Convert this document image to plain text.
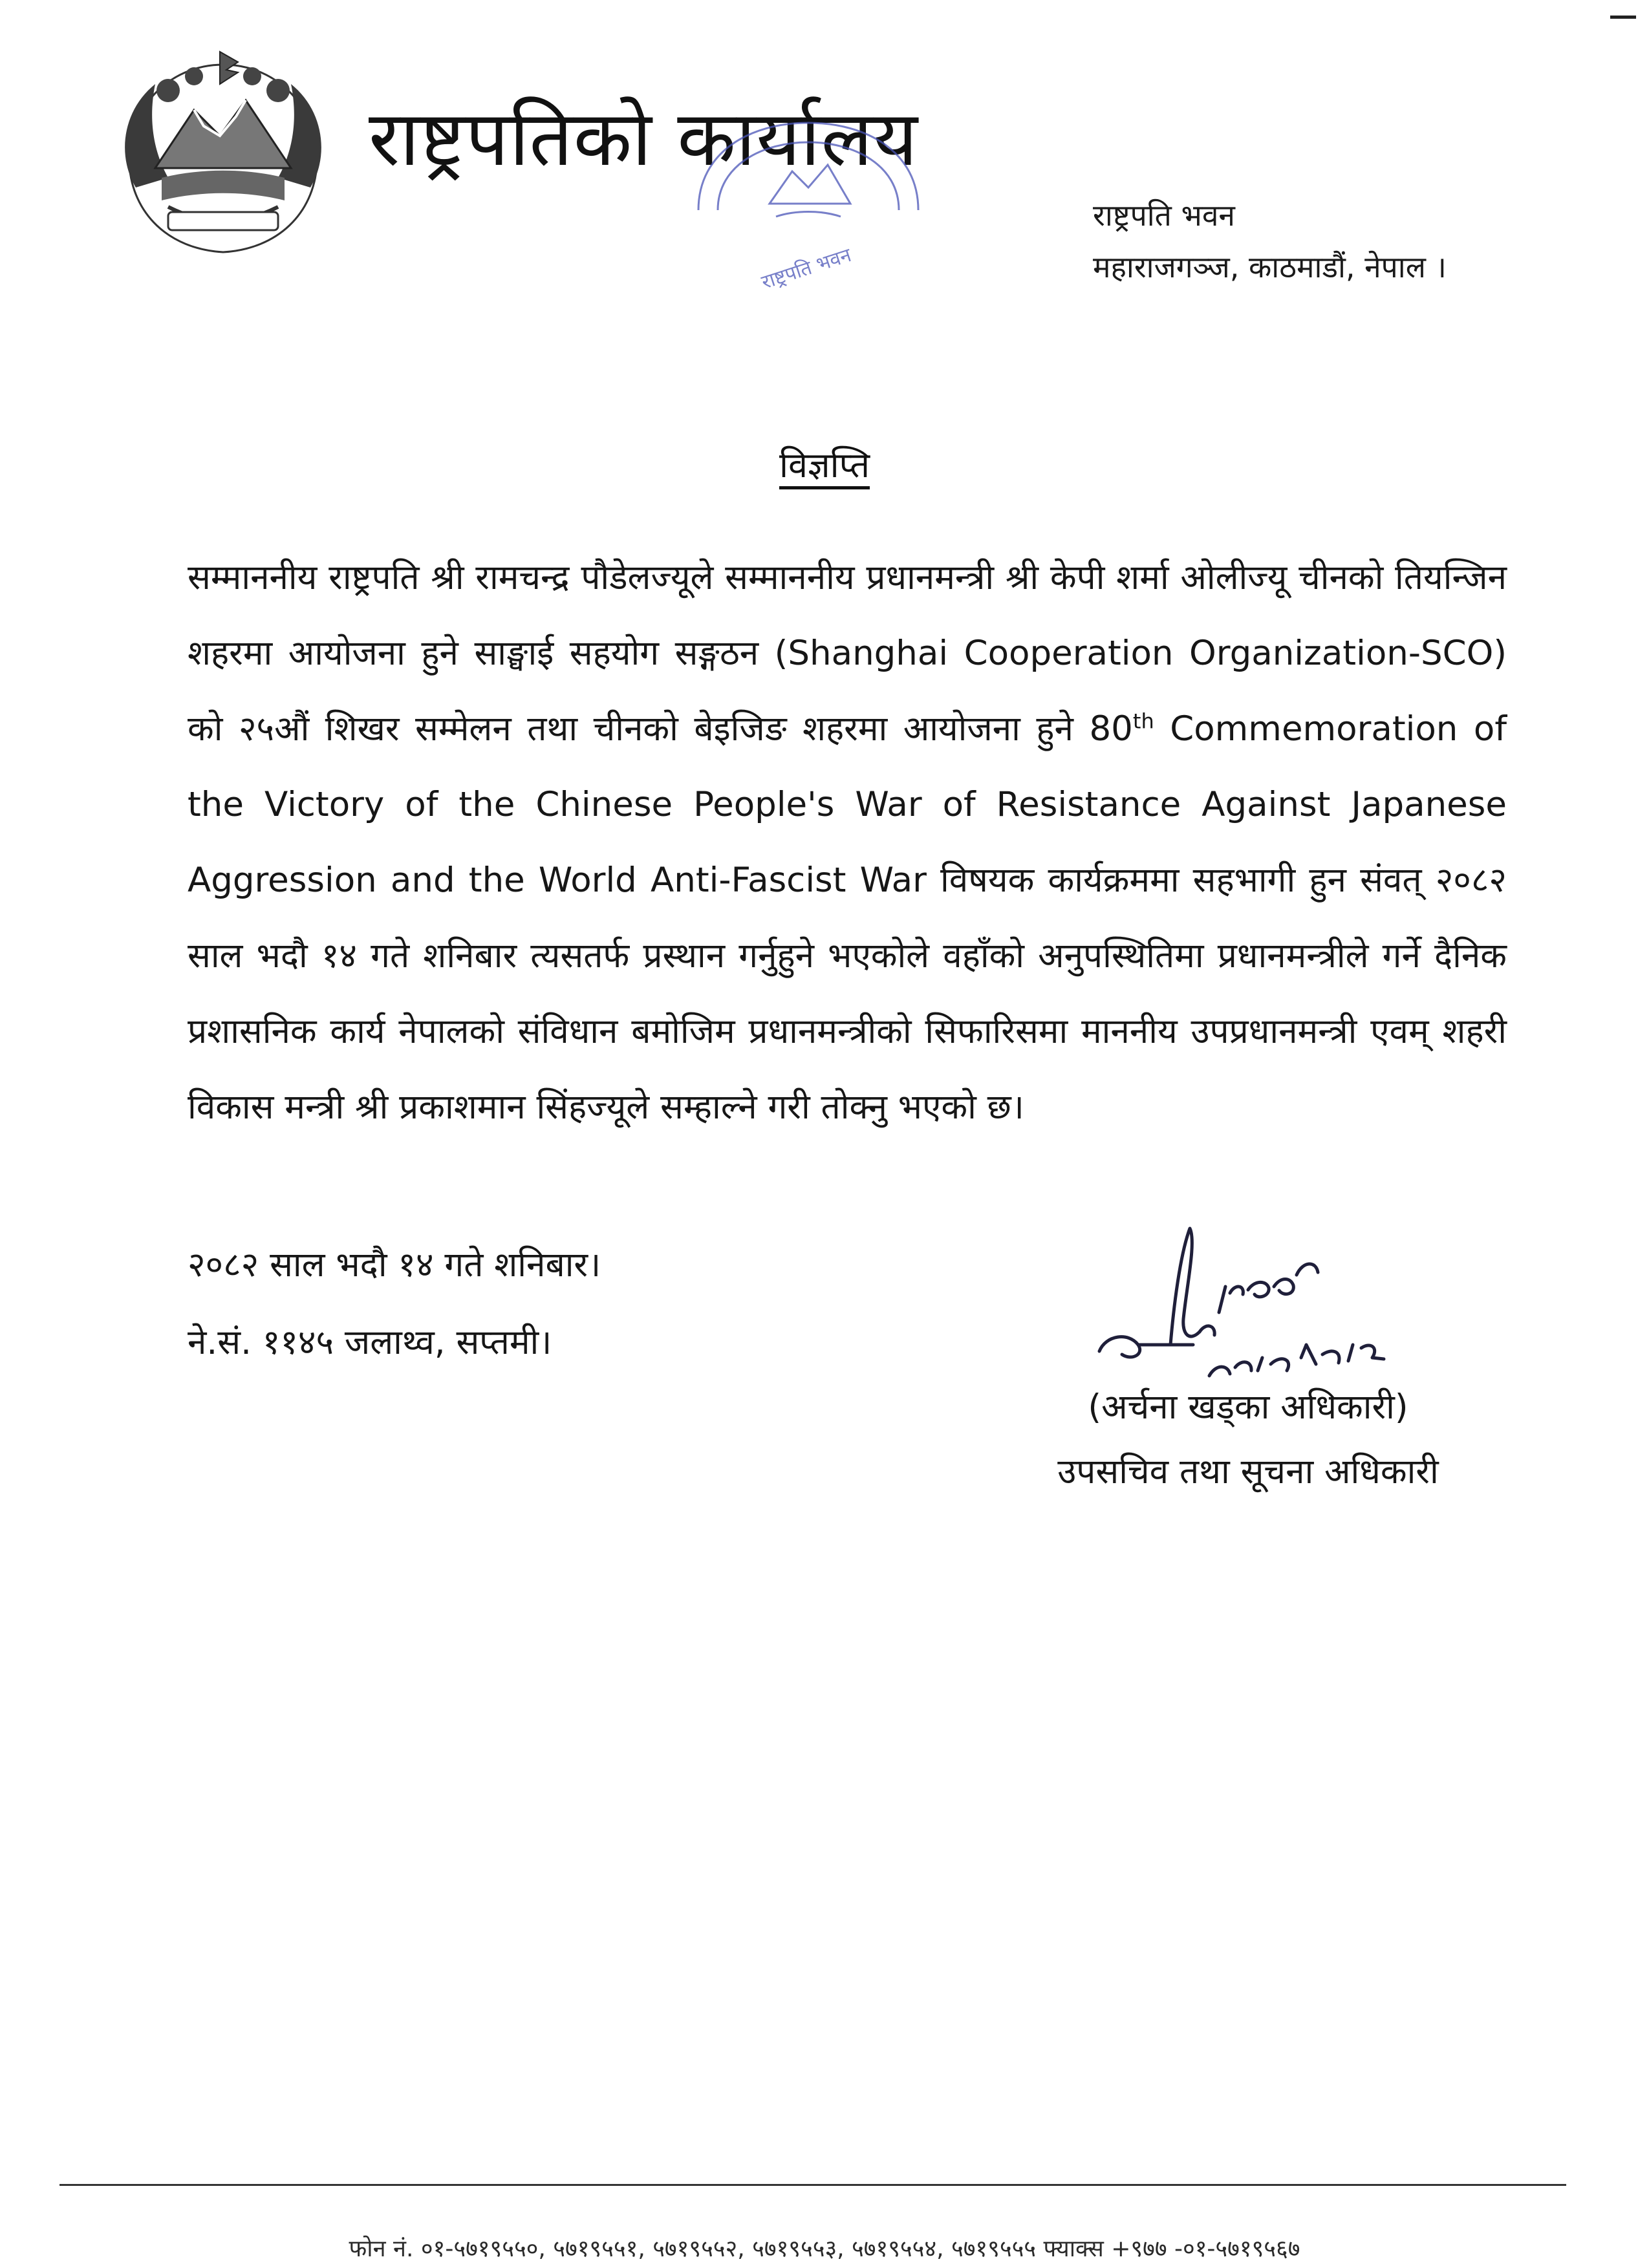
राष्ट्रपतिको कार्यालय
राष्ट्रपति भवन
राष्ट्रपति भवन
महाराजगञ्ज, काठमाडौं, नेपाल ।
विज्ञप्ति
सम्माननीय राष्ट्रपति श्री रामचन्द्र पौडेलज्यूले सम्माननीय प्रधानमन्त्री श्री केपी शर्मा ओलीज्यू चीनको तियन्जिन शहरमा आयोजना हुने साङ्घाई सहयोग सङ्गठन (Shanghai Cooperation Organization-SCO) को २५औं शिखर सम्मेलन तथा चीनको बेइजिङ शहरमा आयोजना हुने 80th Commemoration of the Victory of the Chinese People's War of Resistance Against Japanese Aggression and the World Anti-Fascist War विषयक कार्यक्रममा सहभागी हुन संवत् २०८२ साल भदौ १४ गते शनिबार त्यसतर्फ प्रस्थान गर्नुहुने भएकोले वहाँको अनुपस्थितिमा प्रधानमन्त्रीले गर्ने दैनिक प्रशासनिक कार्य नेपालको संविधान बमोजिम प्रधानमन्त्रीको सिफारिसमा माननीय उपप्रधानमन्त्री एवम् शहरी विकास मन्त्री श्री प्रकाशमान सिंहज्यूले सम्हाल्ने गरी तोक्नु भएको छ।
२०८२ साल भदौ १४ गते शनिबार।
ने.सं. ११४५ जलाथ्व, सप्तमी।
(अर्चना खड्का अधिकारी)
उपसचिव तथा सूचना अधिकारी
फोन नं. ०१-५७१९५५०, ५७१९५५१, ५७१९५५२, ५७१९५५३, ५७१९५५४, ५७१९५५५ फ्याक्स +९७७ -०१-५७१९५६७
